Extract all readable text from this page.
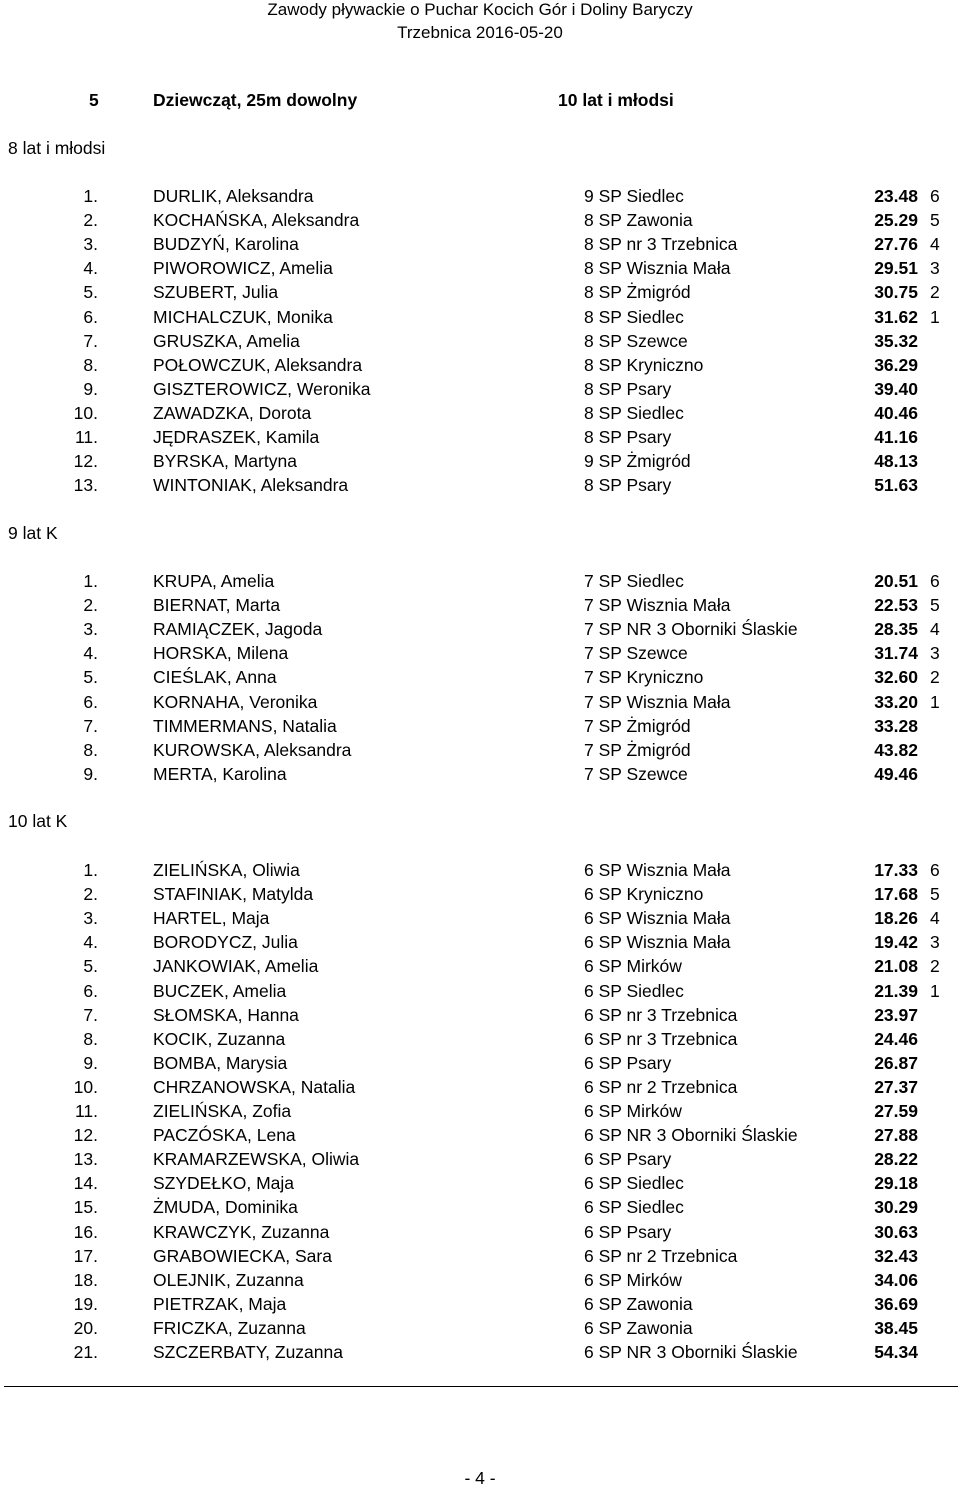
Zawody pływackie o Puchar Kocich Gór i Doliny Baryczy
Trzebnica 2016-05-20
5	Dziewcząt, 25m dowolny	10 lat i młodsi
8 lat i młodsi
1.	DURLIK, Aleksandra	9 SP Siedlec	23.48 6
2.	KOCHAŃSKA, Aleksandra	8 SP Zawonia	25.29 5
3.	BUDZYŃ, Karolina	8 SP nr 3 Trzebnica	27.76 4
4.	PIWOROWICZ, Amelia	8 SP Wisznia Mała	29.51 3
5.	SZUBERT, Julia	8 SP Żmigród	30.75 2
6.	MICHALCZUK, Monika	8 SP Siedlec	31.62 1
7.	GRUSZKA, Amelia	8 SP Szewce	35.32
8.	POŁOWCZUK, Aleksandra	8 SP Kryniczno	36.29
9.	GISZTEROWICZ, Weronika	8 SP Psary	39.40
10.	ZAWADZKA, Dorota	8 SP Siedlec	40.46
11.	JĘDRASZEK, Kamila	8 SP Psary	41.16
12.	BYRSKA, Martyna	9 SP Żmigród	48.13
13.	WINTONIAK, Aleksandra	8 SP Psary	51.63
9 lat K
1.	KRUPA, Amelia	7 SP Siedlec	20.51 6
2.	BIERNAT, Marta	7 SP Wisznia Mała	22.53 5
3.	RAMIĄCZEK, Jagoda	7 SP NR 3 Oborniki Ślaskie	28.35 4
4.	HORSKA, Milena	7 SP Szewce	31.74 3
5.	CIEŚLAK, Anna	7 SP Kryniczno	32.60 2
6.	KORNAHA, Veronika	7 SP Wisznia Mała	33.20 1
7.	TIMMERMANS, Natalia	7 SP Żmigród	33.28
8.	KUROWSKA, Aleksandra	7 SP Żmigród	43.82
9.	MERTA, Karolina	7 SP Szewce	49.46
10 lat K
1.	ZIELIŃSKA, Oliwia	6 SP Wisznia Mała	17.33 6
2.	STAFINIAK, Matylda	6 SP Kryniczno	17.68 5
3.	HARTEL, Maja	6 SP Wisznia Mała	18.26 4
4.	BORODYCZ, Julia	6 SP Wisznia Mała	19.42 3
5.	JANKOWIAK, Amelia	6 SP Mirków	21.08 2
6.	BUCZEK, Amelia	6 SP Siedlec	21.39 1
7.	SŁOMSKA, Hanna	6 SP nr 3 Trzebnica	23.97
8.	KOCIK, Zuzanna	6 SP nr 3 Trzebnica	24.46
9.	BOMBA, Marysia	6 SP Psary	26.87
10.	CHRZANOWSKA, Natalia	6 SP nr 2 Trzebnica	27.37
11.	ZIELIŃSKA, Zofia	6 SP Mirków	27.59
12.	PACZÓSKA, Lena	6 SP NR 3 Oborniki Ślaskie	27.88
13.	KRAMARZEWSKA, Oliwia	6 SP Psary	28.22
14.	SZYDEŁKO, Maja	6 SP Siedlec	29.18
15.	ŻMUDA, Dominika	6 SP Siedlec	30.29
16.	KRAWCZYK, Zuzanna	6 SP Psary	30.63
17.	GRABOWIECKA, Sara	6 SP nr 2 Trzebnica	32.43
18.	OLEJNIK, Zuzanna	6 SP Mirków	34.06
19.	PIETRZAK, Maja	6 SP Zawonia	36.69
20.	FRICZKA, Zuzanna	6 SP Zawonia	38.45
21.	SZCZERBATY, Zuzanna	6 SP NR 3 Oborniki Ślaskie	54.34
- 4 -
